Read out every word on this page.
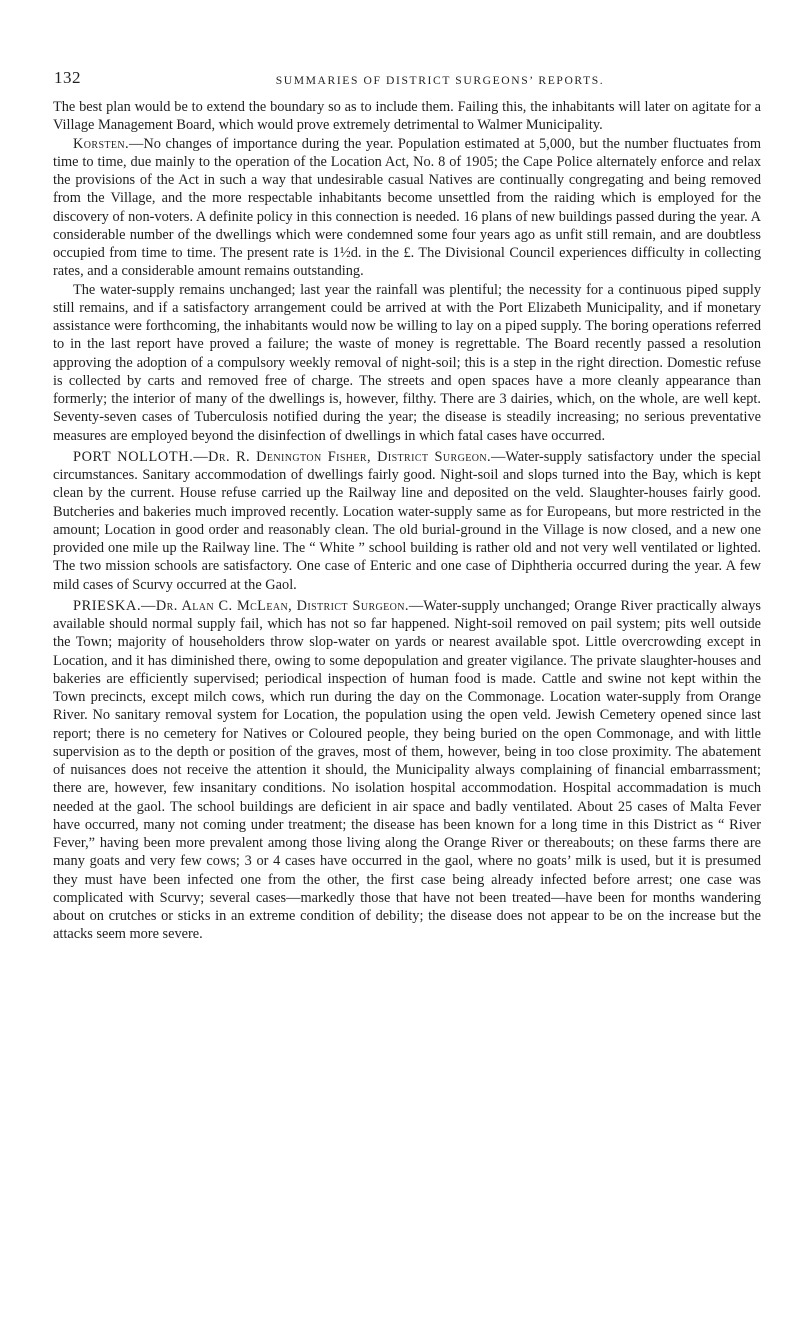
132	SUMMARIES OF DISTRICT SURGEONS’ REPORTS.

The best plan would be to extend the boundary so as to include them. Failing this, the inhabitants will later on agitate for a Village Management Board, which would prove extremely detrimental to Walmer Municipality.

Korsten.—No changes of importance during the year. Population estimated at 5,000, but the number fluctuates from time to time, due mainly to the operation of the Location Act, No. 8 of 1905; the Cape Police alternately enforce and relax the provisions of the Act in such a way that undesirable casual Natives are continually congregating and being removed from the Village, and the more respectable inhabitants become unsettled from the raiding which is employed for the discovery of non-voters. A definite policy in this connection is needed. 16 plans of new buildings passed during the year. A considerable number of the dwellings which were condemned some four years ago as unfit still remain, and are doubtless occupied from time to time. The present rate is 1½d. in the £. The Divisional Council experiences difficulty in collecting rates, and a considerable amount remains outstanding.

The water-supply remains unchanged; last year the rainfall was plentiful; the necessity for a continuous piped supply still remains, and if a satisfactory arrangement could be arrived at with the Port Elizabeth Municipality, and if monetary assistance were forthcoming, the inhabitants would now be willing to lay on a piped supply. The boring operations referred to in the last report have proved a failure; the waste of money is regrettable. The Board recently passed a resolution approving the adoption of a compulsory weekly removal of night-soil; this is a step in the right direction. Domestic refuse is collected by carts and removed free of charge. The streets and open spaces have a more cleanly appearance than formerly; the interior of many of the dwellings is, however, filthy. There are 3 dairies, which, on the whole, are well kept. Seventy-seven cases of Tuberculosis notified during the year; the disease is steadily increasing; no serious preventative measures are employed beyond the disinfection of dwellings in which fatal cases have occurred.

PORT NOLLOTH.—Dr. R. Denington Fisher, District Surgeon.—Water-supply satisfactory under the special circumstances. Sanitary accommodation of dwellings fairly good. Night-soil and slops turned into the Bay, which is kept clean by the current. House refuse carried up the Railway line and deposited on the veld. Slaughter-houses fairly good. Butcheries and bakeries much improved recently. Location water-supply same as for Europeans, but more restricted in the amount; Location in good order and reasonably clean. The old burial-ground in the Village is now closed, and a new one provided one mile up the Railway line. The “ White ” school building is rather old and not very well ventilated or lighted. The two mission schools are satisfactory. One case of Enteric and one case of Diphtheria occurred during the year. A few mild cases of Scurvy occurred at the Gaol.

PRIESKA.—Dr. Alan C. McLean, District Surgeon.—Water-supply unchanged; Orange River practically always available should normal supply fail, which has not so far happened. Night-soil removed on pail system; pits well outside the Town; majority of householders throw slop-water on yards or nearest available spot. Little overcrowding except in Location, and it has diminished there, owing to some depopulation and greater vigilance. The private slaughter-houses and bakeries are efficiently supervised; periodical inspection of human food is made. Cattle and swine not kept within the Town precincts, except milch cows, which run during the day on the Commonage. Location water-supply from Orange River. No sanitary removal system for Location, the population using the open veld. Jewish Cemetery opened since last report; there is no cemetery for Natives or Coloured people, they being buried on the open Commonage, and with little supervision as to the depth or position of the graves, most of them, however, being in too close proximity. The abatement of nuisances does not receive the attention it should, the Municipality always complaining of financial embarrassment; there are, however, few insanitary conditions. No isolation hospital accommodation. Hospital accommadation is much needed at the gaol. The school buildings are deficient in air space and badly ventilated. About 25 cases of Malta Fever have occurred, many not coming under treatment; the disease has been known for a long time in this District as “ River Fever,” having been more prevalent among those living along the Orange River or thereabouts; on these farms there are many goats and very few cows; 3 or 4 cases have occurred in the gaol, where no goats’ milk is used, but it is presumed they must have been infected one from the other, the first case being already infected before arrest; one case was complicated with Scurvy; several cases—markedly those that have not been treated—have been for months wandering about on crutches or sticks in an extreme condition of debility; the disease does not appear to be on the increase but the attacks seem more severe.
